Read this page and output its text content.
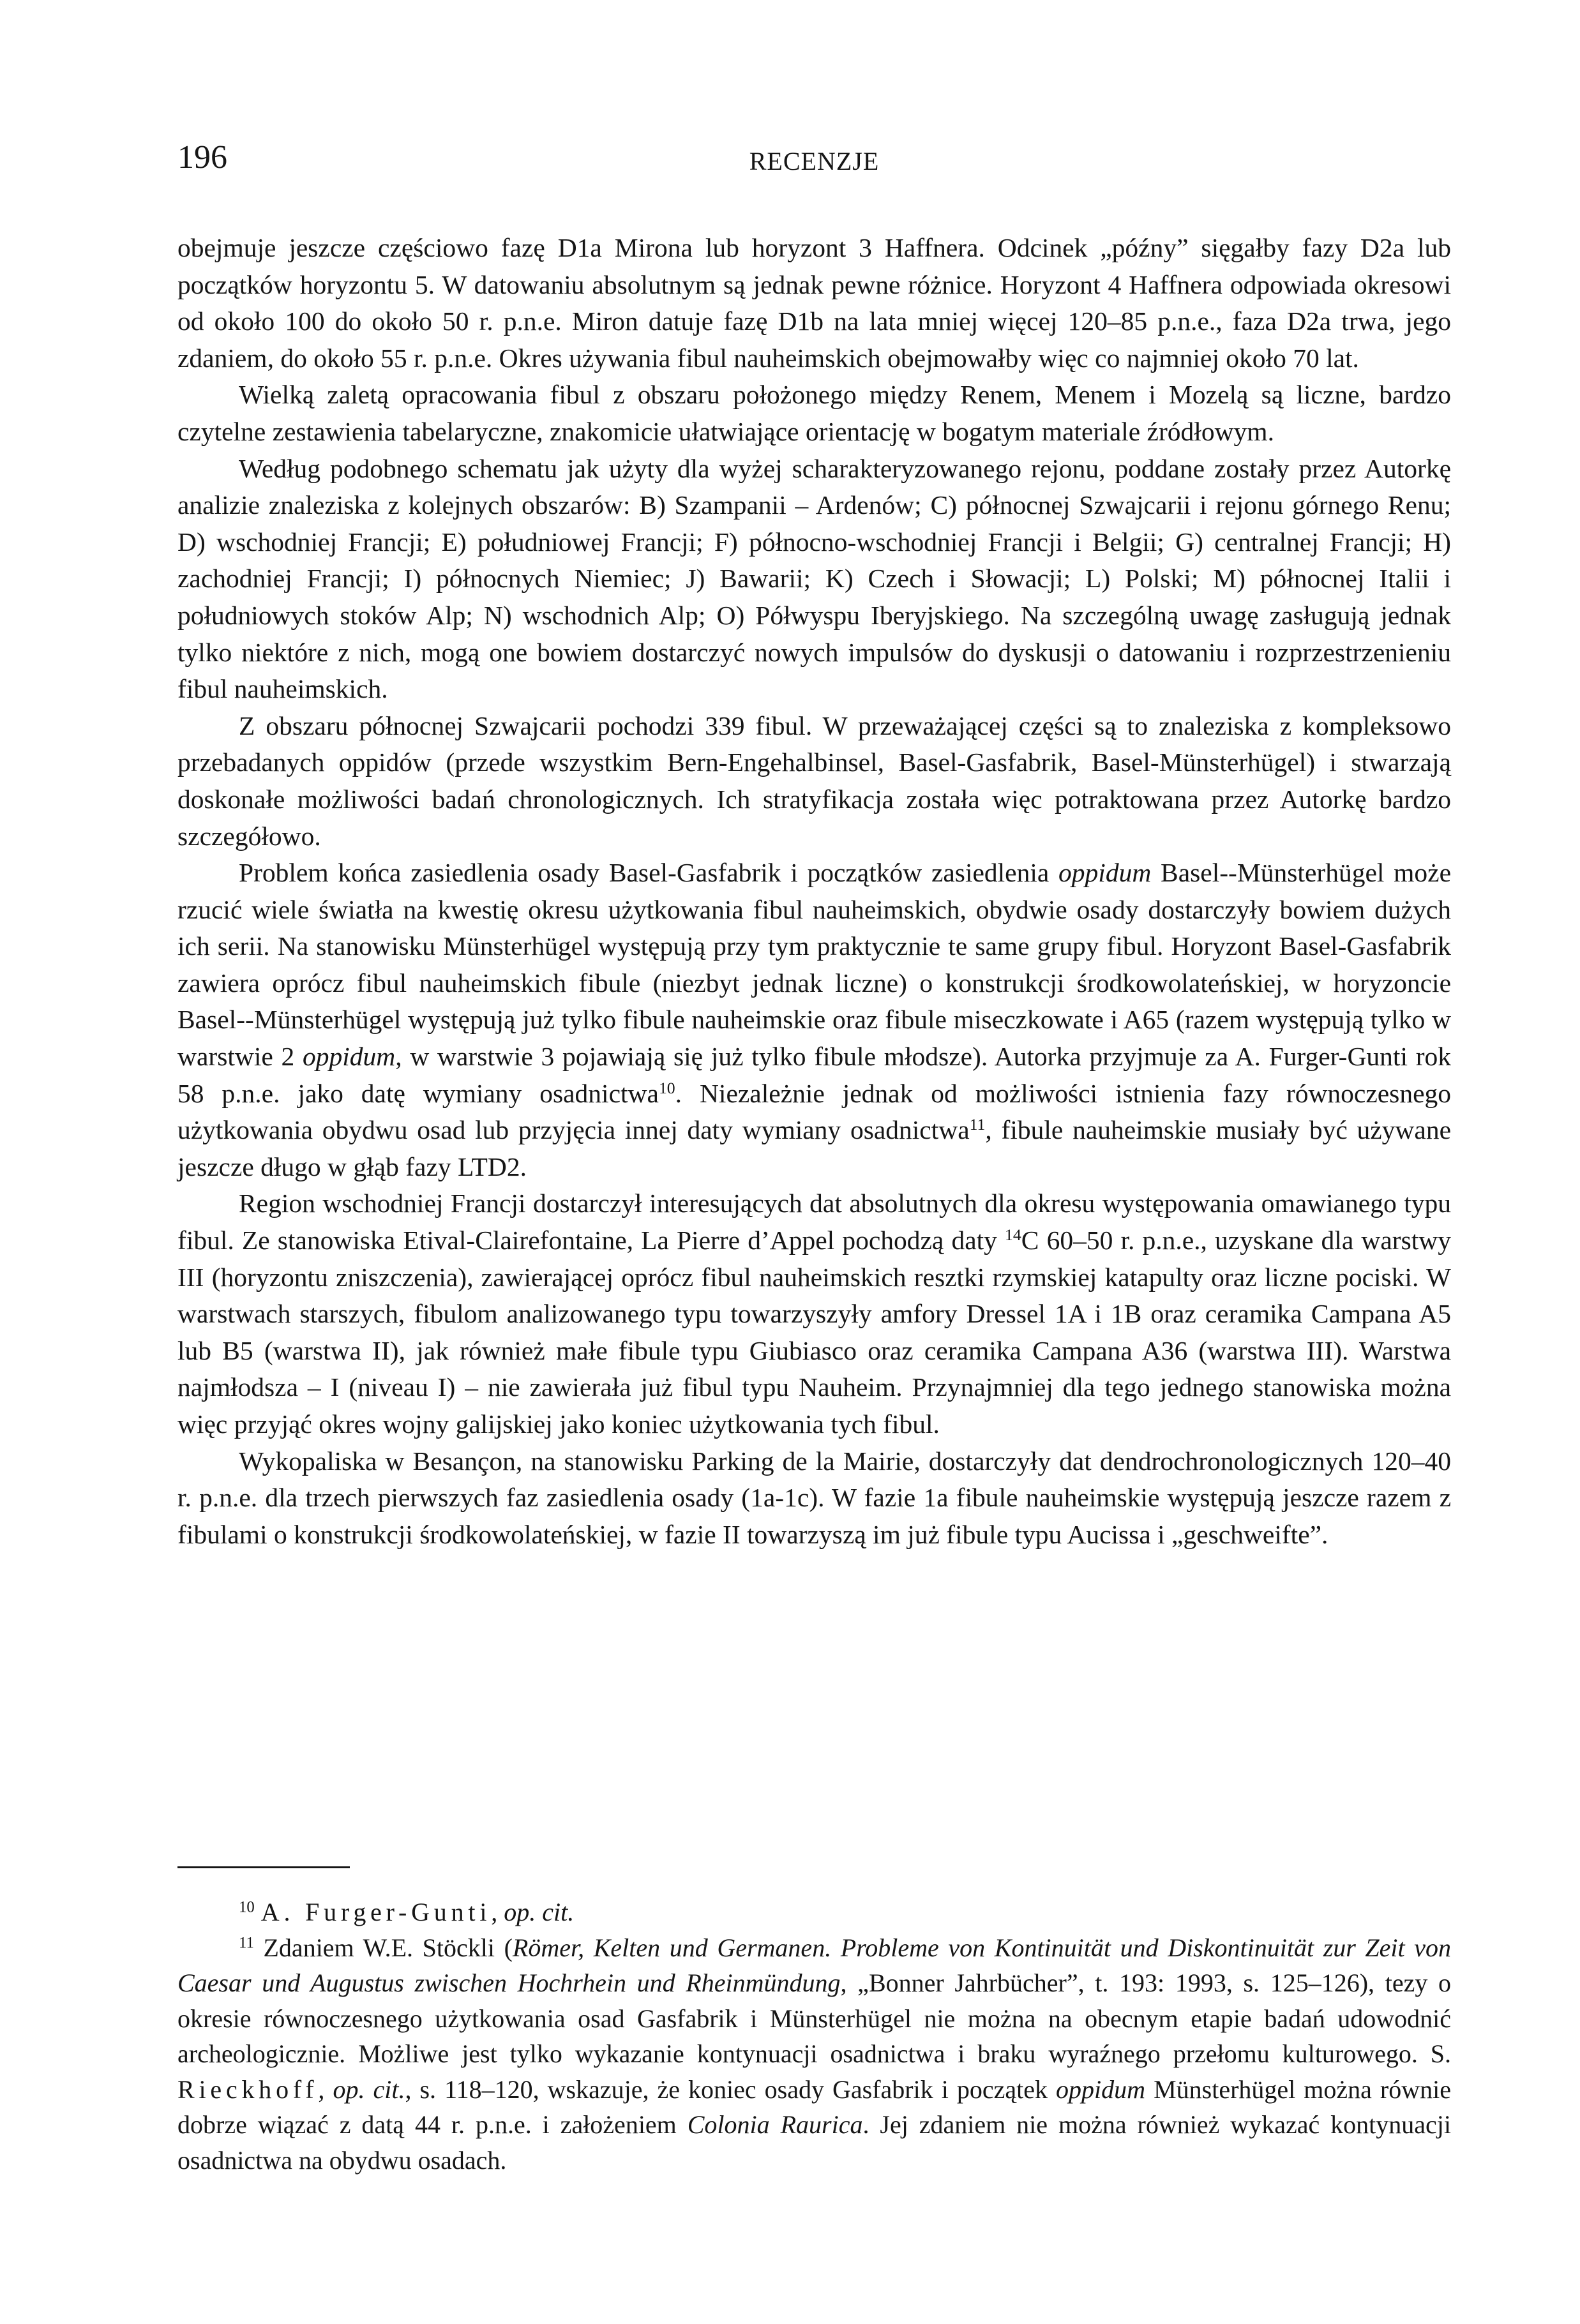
196	RECENZJE

obejmuje jeszcze częściowo fazę D1a Mirona lub horyzont 3 Haffnera. Odcinek „późny” sięgałby fazy D2a lub początków horyzontu 5. W datowaniu absolutnym są jednak pewne różnice. Horyzont 4 Haffnera odpowiada okresowi od około 100 do około 50 r. p.n.e. Miron datuje fazę D1b na lata mniej więcej 120–85 p.n.e., faza D2a trwa, jego zdaniem, do około 55 r. p.n.e. Okres używania fibul nauheimskich obejmowałby więc co najmniej około 70 lat.

Wielką zaletą opracowania fibul z obszaru położonego między Renem, Menem i Mozelą są liczne, bardzo czytelne zestawienia tabelaryczne, znakomicie ułatwiające orientację w bogatym materiale źródłowym.

Według podobnego schematu jak użyty dla wyżej scharakteryzowanego rejonu, poddane zostały przez Autorkę analizie znaleziska z kolejnych obszarów: B) Szampanii – Ardenów; C) północnej Szwajcarii i rejonu górnego Renu; D) wschodniej Francji; E) południowej Francji; F) północno-wschodniej Francji i Belgii; G) centralnej Francji; H) zachodniej Francji; I) północnych Niemiec; J) Bawarii; K) Czech i Słowacji; L) Polski; M) północnej Italii i południowych stoków Alp; N) wschodnich Alp; O) Półwyspu Iberyjskiego. Na szczególną uwagę zasługują jednak tylko niektóre z nich, mogą one bowiem dostarczyć nowych impulsów do dyskusji o datowaniu i rozprzestrzenieniu fibul nauheimskich.

Z obszaru północnej Szwajcarii pochodzi 339 fibul. W przeważającej części są to znaleziska z kompleksowo przebadanych oppidów (przede wszystkim Bern-Engehalbinsel, Basel-Gasfabrik, Basel-Münsterhügel) i stwarzają doskonałe możliwości badań chronologicznych. Ich stratyfikacja została więc potraktowana przez Autorkę bardzo szczegółowo.

Problem końca zasiedlenia osady Basel-Gasfabrik i początków zasiedlenia oppidum Basel--Münsterhügel może rzucić wiele światła na kwestię okresu użytkowania fibul nauheimskich, obydwie osady dostarczyły bowiem dużych ich serii. Na stanowisku Münsterhügel występują przy tym praktycznie te same grupy fibul. Horyzont Basel-Gasfabrik zawiera oprócz fibul nauheimskich fibule (niezbyt jednak liczne) o konstrukcji środkowolateńskiej, w horyzoncie Basel--Münsterhügel występują już tylko fibule nauheimskie oraz fibule miseczkowate i A65 (razem występują tylko w warstwie 2 oppidum, w warstwie 3 pojawiają się już tylko fibule młodsze). Autorka przyjmuje za A. Furger-Gunti rok 58 p.n.e. jako datę wymiany osadnictwa$^{10}$. Niezależnie jednak od możliwości istnienia fazy równoczesnego użytkowania obydwu osad lub przyjęcia innej daty wymiany osadnictwa$^{11}$, fibule nauheimskie musiały być używane jeszcze długo w głąb fazy LTD2.

Region wschodniej Francji dostarczył interesujących dat absolutnych dla okresu występowania omawianego typu fibul. Ze stanowiska Etival-Clairefontaine, La Pierre d’Appel pochodzą daty $^{14}$C 60–50 r. p.n.e., uzyskane dla warstwy III (horyzontu zniszczenia), zawierającej oprócz fibul nauheimskich resztki rzymskiej katapulty oraz liczne pociski. W warstwach starszych, fibulom analizowanego typu towarzyszyły amfory Dressel 1A i 1B oraz ceramika Campana A5 lub B5 (warstwa II), jak również małe fibule typu Giubiasco oraz ceramika Campana A36 (warstwa III). Warstwa najmłodsza – I (niveau I) – nie zawierała już fibul typu Nauheim. Przynajmniej dla tego jednego stanowiska można więc przyjąć okres wojny galijskiej jako koniec użytkowania tych fibul.

Wykopaliska w Besançon, na stanowisku Parking de la Mairie, dostarczyły dat dendrochronologicznych 120–40 r. p.n.e. dla trzech pierwszych faz zasiedlenia osady (1a-1c). W fazie 1a fibule nauheimskie występują jeszcze razem z fibulami o konstrukcji środkowolateńskiej, w fazie II towarzyszą im już fibule typu Aucissa i „geschweifte”.

$^{10}$ A. Furger-Gunti, op. cit.

$^{11}$ Zdaniem W.E. Stöckli (Römer, Kelten und Germanen. Probleme von Kontinuität und Diskontinuität zur Zeit von Caesar und Augustus zwischen Hochrhein und Rheinmündung, „Bonner Jahrbücher”, t. 193: 1993, s. 125–126), tezy o okresie równoczesnego użytkowania osad Gasfabrik i Münsterhügel nie można na obecnym etapie badań udowodnić archeologicznie. Możliwe jest tylko wykazanie kontynuacji osadnictwa i braku wyraźnego przełomu kulturowego. S. Rieckhoff, op. cit., s. 118–120, wskazuje, że koniec osady Gasfabrik i początek oppidum Münsterhügel można równie dobrze wiązać z datą 44 r. p.n.e. i założeniem Colonia Raurica. Jej zdaniem nie można również wykazać kontynuacji osadnictwa na obydwu osadach.
